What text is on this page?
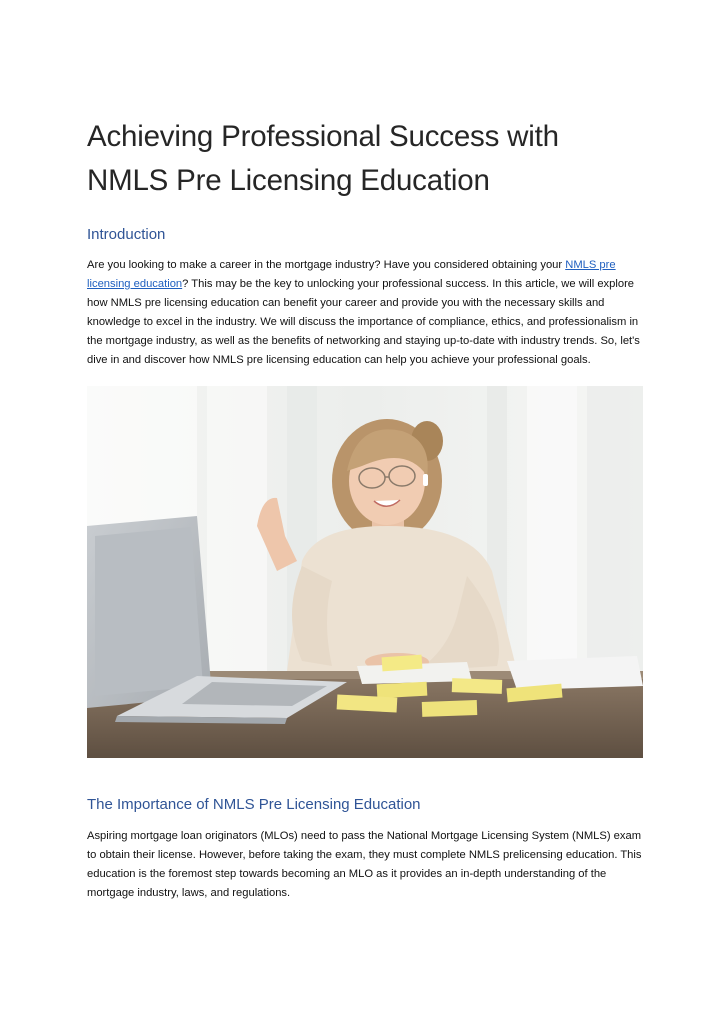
Achieving Professional Success with NMLS Pre Licensing Education
Introduction

Are you looking to make a career in the mortgage industry? Have you considered obtaining your NMLS pre licensing education? This may be the key to unlocking your professional success. In this article, we will explore how NMLS pre licensing education can benefit your career and provide you with the necessary skills and knowledge to excel in the industry. We will discuss the importance of compliance, ethics, and professionalism in the mortgage industry, as well as the benefits of networking and staying up-to-date with industry trends. So, let's dive in and discover how NMLS pre licensing education can help you achieve your professional goals.

The Importance of NMLS Pre Licensing Education

Aspiring mortgage loan originators (MLOs) need to pass the National Mortgage Licensing System (NMLS) exam to obtain their license. However, before taking the exam, they must complete NMLS prelicensing education. This education is the foremost step towards becoming an MLO as it provides an in-depth understanding of the mortgage industry, laws, and regulations.
